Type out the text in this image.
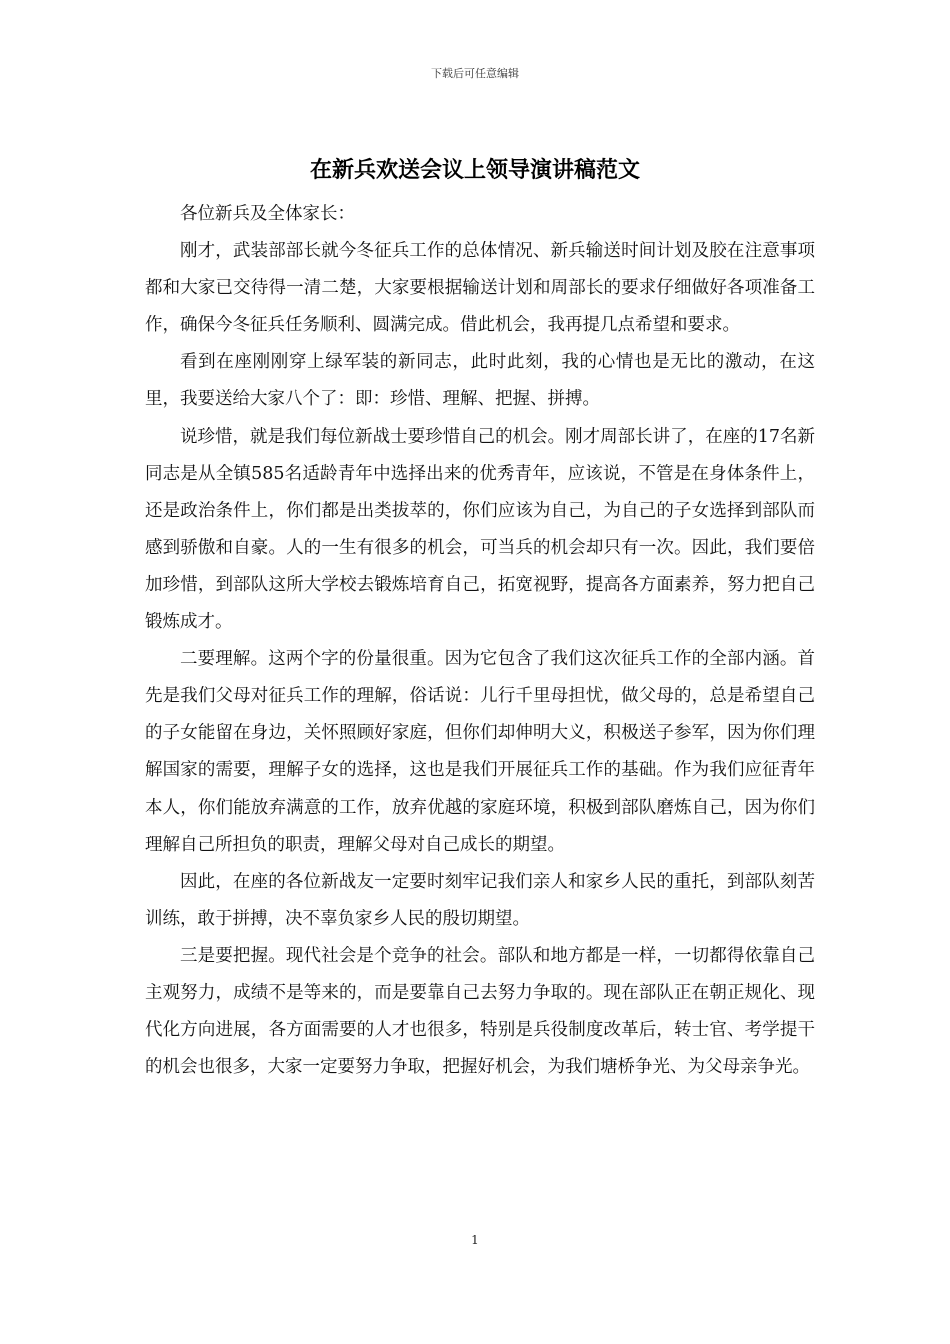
下载后可任意编辑
在新兵欢送会议上领导演讲稿范文

各位新兵及全体家长：

刚才，武装部部长就今冬征兵工作的总体情况、新兵输送时间计划及胶在注意事项都和大家已交待得一清二楚，大家要根据输送计划和周部长的要求仔细做好各项准备工作，确保今冬征兵任务顺利、圆满完成。借此机会，我再提几点希望和要求。

看到在座刚刚穿上绿军装的新同志，此时此刻，我的心情也是无比的激动，在这里，我要送给大家八个了：即：珍惜、理解、把握、拼搏。

说珍惜，就是我们每位新战士要珍惜自己的机会。刚才周部长讲了，在座的17名新同志是从全镇585名适龄青年中选择出来的优秀青年，应该说，不管是在身体条件上，还是政治条件上，你们都是出类拔萃的，你们应该为自己，为自己的子女选择到部队而感到骄傲和自豪。人的一生有很多的机会，可当兵的机会却只有一次。因此，我们要倍加珍惜，到部队这所大学校去锻炼培育自己，拓宽视野，提高各方面素养，努力把自己锻炼成才。

二要理解。这两个字的份量很重。因为它包含了我们这次征兵工作的全部内涵。首先是我们父母对征兵工作的理解，俗话说：儿行千里母担忧，做父母的，总是希望自己的子女能留在身边，关怀照顾好家庭，但你们却伸明大义，积极送子参军，因为你们理解国家的需要，理解子女的选择，这也是我们开展征兵工作的基础。作为我们应征青年本人，你们能放弃满意的工作，放弃优越的家庭环境，积极到部队磨炼自己，因为你们理解自己所担负的职责，理解父母对自己成长的期望。

因此，在座的各位新战友一定要时刻牢记我们亲人和家乡人民的重托，到部队刻苦训练，敢于拼搏，决不辜负家乡人民的殷切期望。

三是要把握。现代社会是个竞争的社会。部队和地方都是一样，一切都得依靠自己主观努力，成绩不是等来的，而是要靠自己去努力争取的。现在部队正在朝正规化、现代化方向进展，各方面需要的人才也很多，特别是兵役制度改革后，转士官、考学提干的机会也很多，大家一定要努力争取，把握好机会，为我们塘桥争光、为父母亲争光。

1
